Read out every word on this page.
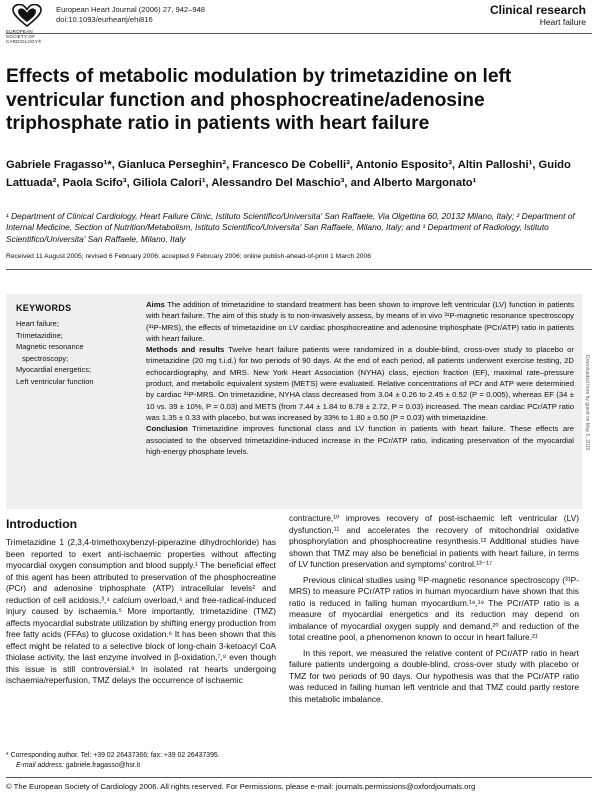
EUROPEAN
SOCIETY OF
CARDIOLOGY®
European Heart Journal (2006) 27, 942–948
doi:10.1093/eurheartj/ehi816
Clinical research
Heart failure
Effects of metabolic modulation by trimetazidine on left ventricular function and phosphocreatine/adenosine triphosphate ratio in patients with heart failure

Gabriele Fragasso¹*, Gianluca Perseghin², Francesco De Cobelli³, Antonio Esposito³, Altin Palloshi¹, Guido Lattuada², Paola Scifo³, Giliola Calori¹, Alessandro Del Maschio³, and Alberto Margonato¹

¹ Department of Clinical Cardiology, Heart Failure Clinic, Istituto Scientifico/Universita' San Raffaele, Via Olgettina 60, 20132 Milano, Italy; ² Department of Internal Medicine, Section of Nutrition/Metabolism, Istituto Scientifico/Universita' San Raffaele, Milano, Italy; and ³ Department of Radiology, Istituto Scientifico/Universita' San Raffaele, Milano, Italy

Received 11 August 2005; revised 6 February 2006; accepted 9 February 2006; online publish-ahead-of-print 1 March 2006
KEYWORDS
Heart failure;
Trimetazidine;
Magnetic resonance
spectroscopy;
Myocardial energetics;
Left ventricular function

Aims The addition of trimetazidine to standard treatment has been shown to improve left ventricular (LV) function in patients with heart failure. The aim of this study is to non-invasively assess, by means of in vivo ³¹P-magnetic resonance spectroscopy (³¹P-MRS), the effects of trimetazidine on LV cardiac phosphocreatine and adenosine triphosphate (PCr/ATP) ratio in patients with heart failure.
Methods and results Twelve heart failure patients were randomized in a double-blind, cross-over study to placebo or trimetazidine (20 mg t.i.d.) for two periods of 90 days. At the end of each period, all patients underwent exercise testing, 2D echocardiography, and MRS. New York Heart Association (NYHA) class, ejection fraction (EF), maximal rate–pressure product, and metabolic equivalent system (METS) were evaluated. Relative concentrations of PCr and ATP were determined by cardiac ³¹P-MRS. On trimetazidine, NYHA class decreased from 3.04 ± 0.26 to 2.45 ± 0.52 (P = 0.005), whereas EF (34 ± 10 vs. 39 ± 10%, P = 0.03) and METS (from 7.44 ± 1.84 to 8.78 ± 2.72, P = 0.03) increased. The mean cardiac PCr/ATP ratio was 1.35 ± 0.33 with placebo, but was increased by 33% to 1.80 ± 0.50 (P = 0.03) with trimetazidine.
Conclusion Trimetazidine improves functional class and LV function in patients with heart failure. These effects are associated to the observed trimetazidine-induced increase in the PCr/ATP ratio, indicating preservation of the myocardial high-energy phosphate levels.

Downloaded from by guest on May 5, 2015
Introduction

Trimetazidine 1 (2,3,4-trimethoxybenzyl-piperazine dihydrochloride) has been reported to exert anti-ischaemic properties without affecting myocardial oxygen consumption and blood supply.¹ The beneficial effect of this agent has been attributed to preservation of the phosphocreatine (PCr) and adenosine triphosphate (ATP) intracellular levels² and reduction of cell acidosis,³,⁴ calcium overload,⁴ and free-radical-induced injury caused by ischaemia.⁵ More importantly, trimetazidine (TMZ) affects myocardial substrate utilization by shifting energy production from free fatty acids (FFAs) to glucose oxidation.⁶ It has been shown that this effect might be related to a selective block of long-chain 3-ketoacyl CoA thiolase activity, the last enzyme involved in β-oxidation,⁷,⁸ even though this issue is still controversial.⁹ In isolated rat hearts undergoing ischaemia/reperfusion, TMZ delays the occurrence of ischaemic

contracture,¹⁰ improves recovery of post-ischaemic left ventricular (LV) dysfunction,¹¹ and accelerates the recovery of mitochondrial oxidative phosphorylation and phosphocreatine resynthesis.¹² Additional studies have shown that TMZ may also be beneficial in patients with heart failure, in terms of LV function preservation and symptoms' control.¹³⁻¹⁷

Previous clinical studies using ³¹P-magnetic resonance spectroscopy (³¹P-MRS) to measure PCr/ATP ratios in human myocardium have shown that this ratio is reduced in failing human myocardium.¹⁸,¹⁹ The PCr/ATP ratio is a measure of myocardial energetics and its reduction may depend on imbalance of myocardial oxygen supply and demand,²⁰ and reduction of the total creatine pool, a phenomenon known to occur in heart failure.²¹

In this report, we measured the relative content of PCr/ATP ratio in heart failure patients undergoing a double-blind, cross-over study with placebo or TMZ for two periods of 90 days. Our hypothesis was that the PCr/ATP ratio was reduced in failing human left ventricle and that TMZ could partly restore this metabolic imbalance.

* Corresponding author. Tel: +39 02 26437366; fax: +39 02 26437395.
E-mail address: gabriele.fragasso@hsr.it
© The European Society of Cardiology 2006. All rights reserved. For Permissions, please e-mail: journals.permissions@oxfordjournals.org
